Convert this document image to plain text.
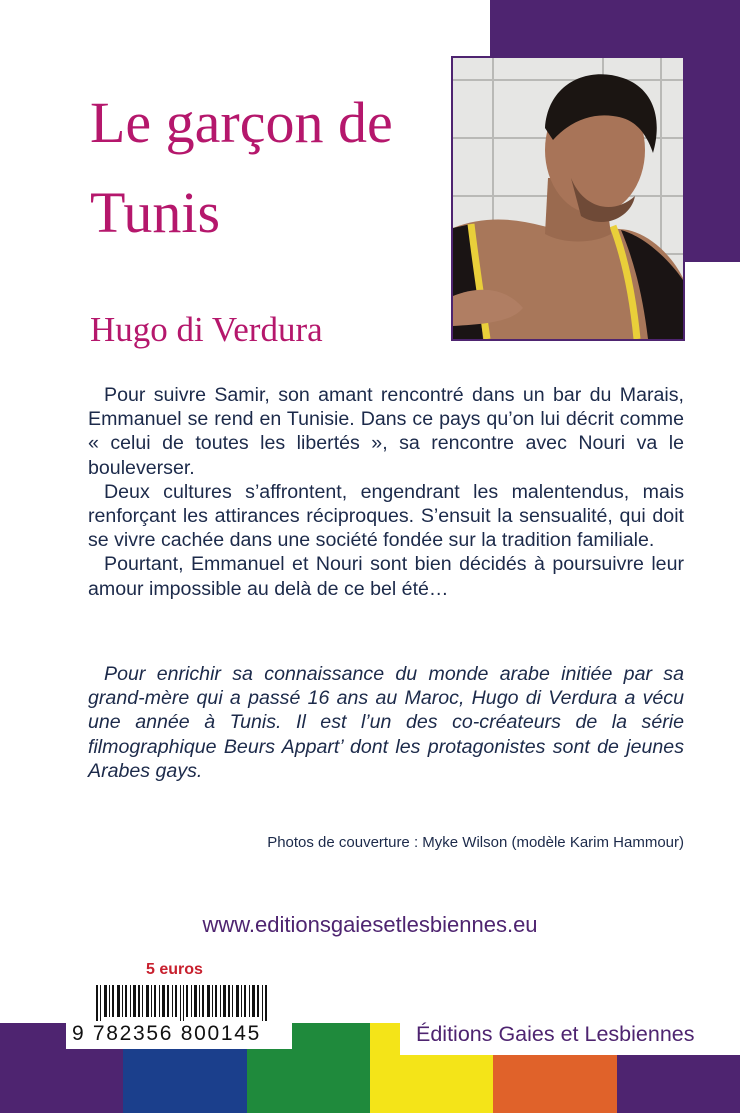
Le garçon de
Tunis
Hugo di Verdura

Pour suivre Samir, son amant rencontré dans un bar du Marais, Emmanuel se rend en Tunisie. Dans ce pays qu’on lui décrit comme « celui de toutes les libertés », sa rencontre avec Nouri va le bouleverser.

Deux cultures s’affrontent, engendrant les malentendus, mais renforçant les attirances réciproques. S’ensuit la sensualité, qui doit se vivre cachée dans une société fondée sur la tradition familiale.

Pourtant, Emmanuel et Nouri sont bien décidés à poursuivre leur amour impossible au delà de ce bel été…

Pour enrichir sa connaissance du monde arabe initiée par sa grand-mère qui a passé 16 ans au Maroc, Hugo di Verdura a vécu une année à Tunis. Il est l’un des co-créateurs de la série filmographique Beurs Appart’ dont les protagonistes sont de jeunes Arabes gays.

Photos de couverture : Myke Wilson (modèle Karim Hammour)

www.editionsgaiesetlesbiennes.eu

5 euros
9 782356 800145	Éditions Gaies et Lesbiennes
